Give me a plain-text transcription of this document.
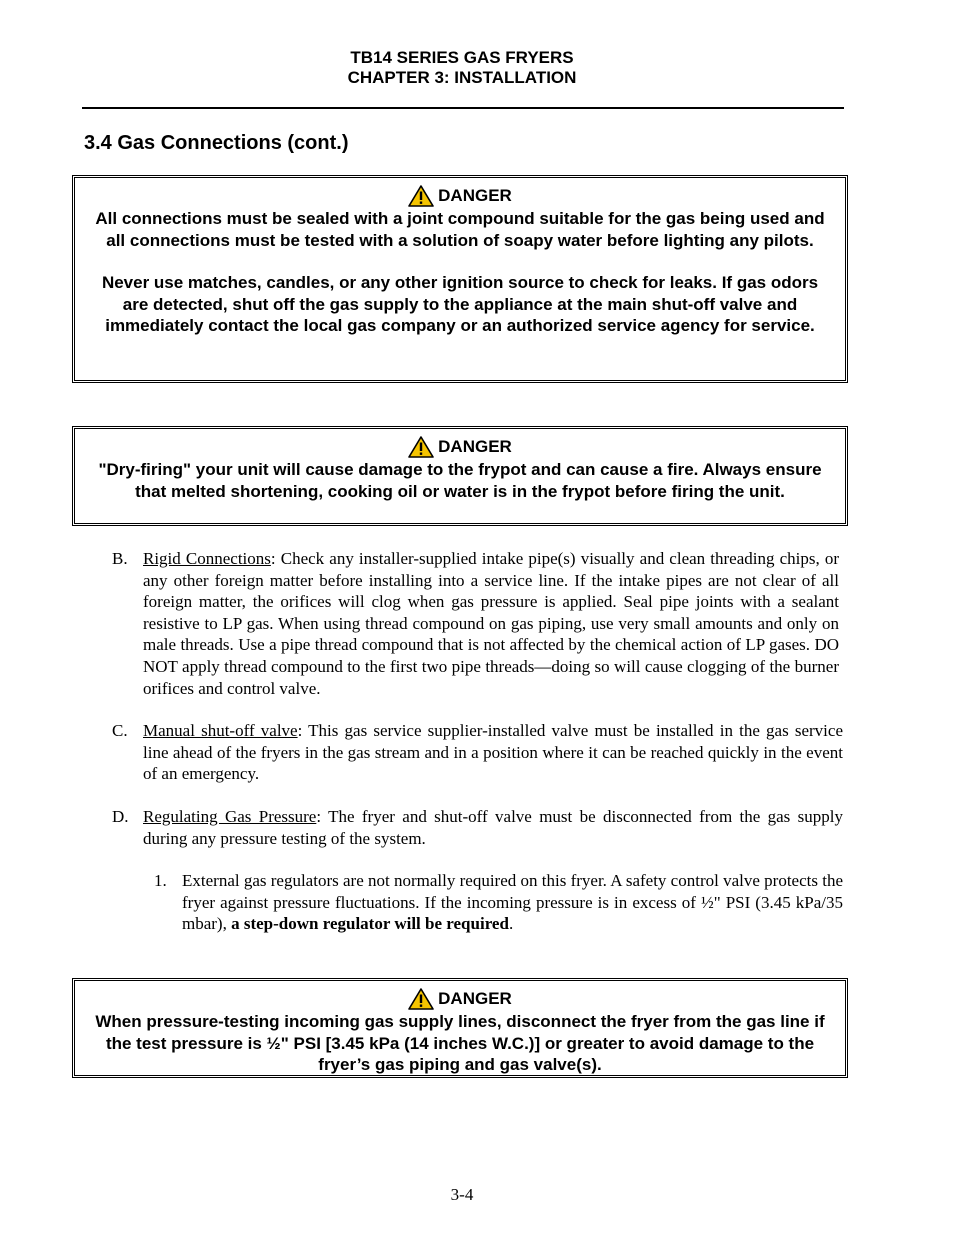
TB14 SERIES GAS FRYERS
CHAPTER 3: INSTALLATION
3.4 Gas Connections (cont.)
DANGER

All connections must be sealed with a joint compound suitable for the gas being used and all connections must be tested with a solution of soapy water before lighting any pilots.

Never use matches, candles, or any other ignition source to check for leaks. If gas odors are detected, shut off the gas supply to the appliance at the main shut-off valve and immediately contact the local gas company or an authorized service agency for service.

DANGER

"Dry-firing" your unit will cause damage to the frypot and can cause a fire. Always ensure that melted shortening, cooking oil or water is in the frypot before firing the unit.

B. Rigid Connections: Check any installer-supplied intake pipe(s) visually and clean threading chips, or any other foreign matter before installing into a service line. If the intake pipes are not clear of all foreign matter, the orifices will clog when gas pressure is applied. Seal pipe joints with a sealant resistive to LP gas. When using thread compound on gas piping, use very small amounts and only on male threads. Use a pipe thread compound that is not affected by the chemical action of LP gases. DO NOT apply thread compound to the first two pipe threads—doing so will cause clogging of the burner orifices and control valve.
C. Manual shut-off valve: This gas service supplier-installed valve must be installed in the gas service line ahead of the fryers in the gas stream and in a position where it can be reached quickly in the event of an emergency.
D. Regulating Gas Pressure: The fryer and shut-off valve must be disconnected from the gas supply during any pressure testing of the system.
1. External gas regulators are not normally required on this fryer. A safety control valve protects the fryer against pressure fluctuations. If the incoming pressure is in excess of ½" PSI (3.45 kPa/35 mbar), a step-down regulator will be required.
DANGER

When pressure-testing incoming gas supply lines, disconnect the fryer from the gas line if the test pressure is ½" PSI [3.45 kPa (14 inches W.C.)] or greater to avoid damage to the fryer’s gas piping and gas valve(s).

3-4
